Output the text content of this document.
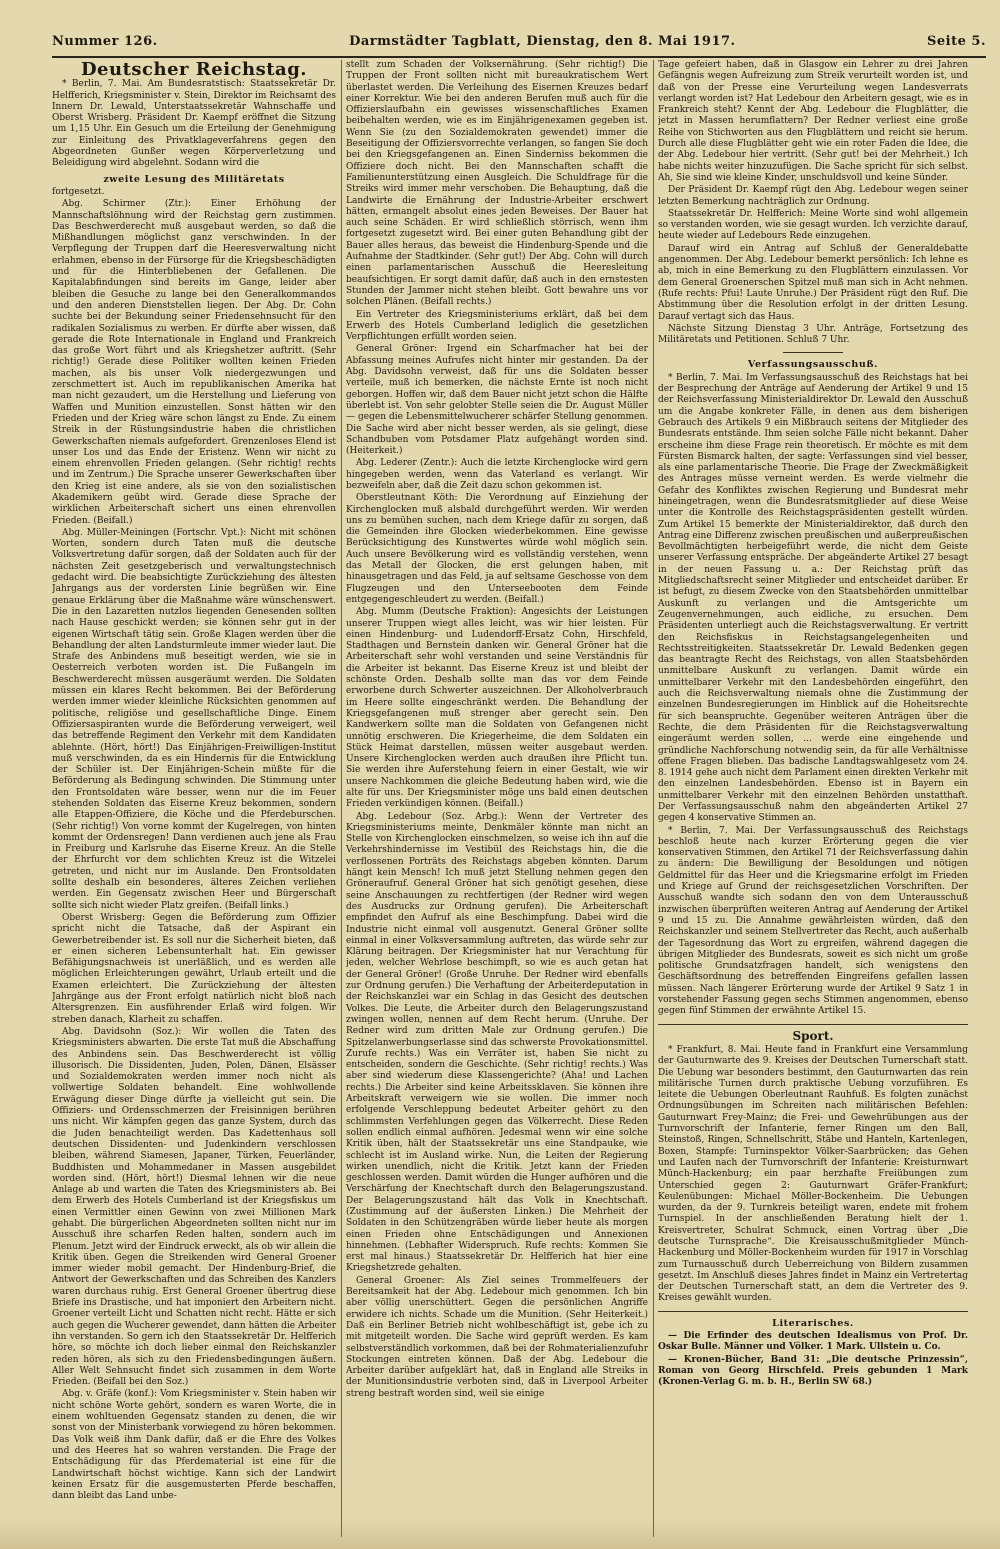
Nummer 126.	Darmstädter Tagblatt, Dienstag, den 8. Mai 1917.	Seite 5.
Deutscher Reichstag.

* Berlin, 7. Mai. Am Bundesratstisch: Staatssekretär Dr. Helfferich, Kriegsminister v. Stein, Direktor im Reichsamt des Innern Dr. Lewald, Unterstaatssekretär Wahnschaffe und Oberst Wrisberg. Präsident Dr. Kaempf eröffnet die Sitzung um 1,15 Uhr. Ein Gesuch um die Erteilung der Genehmigung zur Einleitung des Privatklageverfahrens gegen den Abgeordneten Gunßer wegen Körperverletzung und Beleidigung wird abgelehnt. Sodann wird die

zweite Lesung des Militäretats

fortgesetzt.

Abg. Schirmer (Ztr.): Einer Erhöhung der Mannschaftslöhnung wird der Reichstag gern zustimmen. Das Beschwerderecht muß ausgebaut werden, so daß die Mißhandlungen möglichst ganz verschwinden. In der Verpflegung der Truppen darf die Heeresverwaltung nicht erlahmen, ebenso in der Fürsorge für die Kriegsbeschädigten und für die Hinterbliebenen der Gefallenen. Die Kapitalabfindungen sind bereits im Gange, leider aber bleiben die Gesuche zu lange bei den Generalkommandos und den anderen Dienststellen liegen. Der Abg. Dr. Cohn suchte bei der Bekundung seiner Friedensehnsucht für den radikalen Sozialismus zu werben. Er dürfte aber wissen, daß gerade die Rote Internationale in England und Frankreich das große Wort führt und als Kriegshetzer auftritt. (Sehr richtig!) Gerade diese Politiker wollten keinen Frieden machen, als bis unser Volk niedergezwungen und zerschmettert ist. Auch im republikanischen Amerika hat man nicht gezaudert, um die Herstellung und Lieferung von Waffen und Munition einzustellen. Sonst hätten wir den Frieden und der Krieg wäre schon längst zu Ende. Zu einem Streik in der Rüstungsindustrie haben die christlichen Gewerkschaften niemals aufgefordert. Grenzenloses Elend ist unser Los und das Ende der Eristenz. Wenn wir nicht zu einem ehrenvollen Frieden gelangen. (Sehr richtig! rechts und im Zentrum.) Die Sprache unserer Gewerkschaften über den Krieg ist eine andere, als sie von den sozialistischen Akademikern geübt wird. Gerade diese Sprache der wirklichen Arbeiterschaft sichert uns einen ehrenvollen Frieden. (Beifall.)

Abg. Müller-Meiningen (Fortschr. Vpt.): Nicht mit schönen Worten, sondern durch Taten muß die deutsche Volksvertretung dafür sorgen, daß der Soldaten auch für der nächsten Zeit gesetzgeberisch und verwaltungstechnisch gedacht wird. Die beabsichtigte Zurückziehung des ältesten Jahrgangs aus der vordersten Linie begrüßen wir. Eine genaue Erklärung über die Maßnahme wäre wünschenswert. Die in den Lazaretten nutzlos liegenden Genesenden sollten nach Hause geschickt werden; sie können sehr gut in der eigenen Wirtschaft tätig sein. Große Klagen werden über die Behandlung der alten Landsturmleute immer wieder laut. Die Strafe des Anbindens muß beseitigt werden, wie sie in Oesterreich verboten worden ist. Die Fußangeln im Beschwerderecht müssen ausgeräumt werden. Die Soldaten müssen ein klares Recht bekommen. Bei der Beförderung werden immer wieder kleinliche Rücksichten genommen auf politische, religiöse und gesellschaftliche Dinge. Einem Offiziersaspiranten wurde die Beförderung verweigert, weil das betreffende Regiment den Verkehr mit dem Kandidaten ablehnte. (Hört, hört!) Das Einjährigen-Freiwilligen-Institut muß verschwinden, da es ein Hindernis für die Entwicklung der Schüler ist. Der Einjährigen-Schein müßte für die Beförderung als Bedingung schwinden. Die Stimmung unter den Frontsoldaten wäre besser, wenn nur die im Feuer stehenden Soldaten das Eiserne Kreuz bekommen, sondern alle Etappen-Offiziere, die Köche und die Pferdeburschen. (Sehr richtig!) Von vorne kommt der Kugelregen, von hinten kommt der Ordensregen! Dann verdienen auch jene als Frau in Freiburg und Karlsruhe das Eiserne Kreuz. An die Stelle der Ehrfurcht vor dem schlichten Kreuz ist die Witzelei getreten, und nicht nur im Auslande. Den Frontsoldaten sollte deshalb ein besonderes, älteres Zeichen verliehen werden. Ein Gegensatz zwischen Heer und Bürgerschaft sollte sich nicht wieder Platz greifen. (Beifall links.)

Oberst Wrisberg: Gegen die Beförderung zum Offizier spricht nicht die Tatsache, daß der Aspirant ein Gewerbetreibender ist. Es soll nur die Sicherheit bieten, daß er einen sicheren Lebensunterhalt hat. Ein gewisser Befähigungsnachweis ist unerläßlich, und es werden alle möglichen Erleichterungen gewährt, Urlaub erteilt und die Examen erleichtert. Die Zurückziehung der ältesten Jahrgänge aus der Front erfolgt natürlich nicht bloß nach Altersgrenzen. Ein ausführender Erlaß wird folgen. Wir streben danach, Klarheit zu schaffen.

Abg. Davidsohn (Soz.): Wir wollen die Taten des Kriegsministers abwarten. Die erste Tat muß die Abschaffung des Anbindens sein. Das Beschwerderecht ist völlig illusorisch. Die Dissidenten, Juden, Polen, Dänen, Elsässer und Sozialdemokraten werden immer noch nicht als vollwertige Soldaten behandelt. Eine wohlwollende Erwägung dieser Dinge dürfte ja vielleicht gut sein. Die Offiziers- und Ordensschmerzen der Freisinnigen berühren uns nicht. Wir kämpfen gegen das ganze System, durch das die Juden benachteiligt werden. Das Kadettenhaus soll deutschen Dissidenten- und Judenkindern verschlossen bleiben, während Siamesen, Japaner, Türken, Feuerländer, Buddhisten und Mohammedaner in Massen ausgebildet worden sind. (Hört, hört!) Diesmal lehnen wir die neue Anlage ab und warten die Taten des Kriegsministers ab. Bei dem Erwerb des Hotels Cumberland ist der Kriegsfiskus um einen Vermittler einen Gewinn von zwei Millionen Mark gehabt. Die bürgerlichen Abgeordneten sollten nicht nur im Ausschuß ihre scharfen Reden halten, sondern auch im Plenum. Jetzt wird der Eindruck erweckt, als ob wir allein die Kritik üben. Gegen die Streikenden wird General Groener immer wieder mobil gemacht. Der Hindenburg-Brief, die Antwort der Gewerkschaften und das Schreiben des Kanzlers waren durchaus ruhig. Erst General Groener übertrug diese Briefe ins Drastische, und hat imponiert den Arbeitern nicht. Groener verteilt Licht und Schatten nicht recht. Hätte er sich auch gegen die Wucherer gewendet, dann hätten die Arbeiter ihn verstanden. So gern ich den Staatssekretär Dr. Helfferich höre, so möchte ich doch lieber einmal den Reichskanzler reden hören, als sich zu den Friedensbedingungen äußern. Aller Welt Sehnsucht findet sich zusammen in dem Worte Frieden. (Beifall bei den Soz.)

Abg. v. Gräfe (konf.): Vom Kriegsminister v. Stein haben wir nicht schöne Worte gehört, sondern es waren Worte, die in einem wohltuenden Gegensatz standen zu denen, die wir sonst von der Ministerbank vorwiegend zu hören bekommen. Das Volk weiß ihm Dank dafür, daß er die Ehre des Volkes und des Heeres hat so wahren verstanden. Die Frage der Entschädigung für das Pferdematerial ist eine für die Landwirtschaft höchst wichtige. Kann sich der Landwirt keinen Ersatz für die ausgemusterten Pferde beschaffen, dann bleibt das Land unbe-

stellt zum Schaden der Volksernährung. (Sehr richtig!) Die Truppen der Front sollten nicht mit bureaukratischem Wert überlastet werden. Die Verleihung des Eisernen Kreuzes bedarf einer Korrektur. Wie bei den anderen Berufen muß auch für die Offizierslaufbahn ein gewisses wissenschaftliches Examen beibehalten werden, wie es im Einjährigenexamen gegeben ist. Wenn Sie (zu den Sozialdemokraten gewendet) immer die Beseitigung der Offiziersvorrechte verlangen, so fangen Sie doch bei den Kriegsgefangenen an. Einen Sinderniss bekommen die Offiziere doch nicht. Bei den Mannschaften schafft die Familienunterstützung einen Ausgleich. Die Schuldfrage für die Streiks wird immer mehr verschoben. Die Behauptung, daß die Landwirte die Ernährung der Industrie-Arbeiter erschwert hätten, ermangelt absolut eines jeden Beweises. Der Bauer hat auch seine Schäden. Er wird schließlich störrisch, wenn ihm fortgesetzt zugesetzt wird. Bei einer guten Behandlung gibt der Bauer alles heraus, das beweist die Hindenburg-Spende und die Aufnahme der Stadtkinder. (Sehr gut!) Der Abg. Cohn will durch einen parlamentarischen Ausschuß die Heeresleitung beaufsichtigen. Er sorgt damit dafür, daß auch in den ernstesten Stunden der Jammer nicht stehen bleibt. Gott bewahre uns vor solchen Plänen. (Beifall rechts.)

Ein Vertreter des Kriegsministeriums erklärt, daß bei dem Erwerb des Hotels Cumberland lediglich die gesetzlichen Verpflichtungen erfüllt worden seien.

General Gröner: Irgend ein Scharfmacher hat bei der Abfassung meines Aufrufes nicht hinter mir gestanden. Da der Abg. Davidsohn verweist, daß für uns die Soldaten besser verteile, muß ich bemerken, die nächste Ernte ist noch nicht geborgen. Hoffen wir, daß dem Bauer nicht jetzt schon die Hälfte überlebt ist. Von sehr gelobter Stelle seien die Dr. August Müller — gegen die Lebensmittelwucherer schärfer Stellung genommen. Die Sache wird aber nicht besser werden, als sie gelingt, diese Schandbuben vom Potsdamer Platz aufgehängt worden sind. (Heiterkeit.)

Abg. Lederer (Zentr.): Auch die letzte Kirchenglocke wird gern hingegeben werden, wenn das Vaterland es verlangt. Wir bezweifeln aber, daß die Zeit dazu schon gekommen ist.

Oberstleutnant Köth: Die Verordnung auf Einziehung der Kirchenglocken muß alsbald durchgeführt werden. Wir werden uns zu bemühen suchen, nach dem Kriege dafür zu sorgen, daß die Gemeinden ihre Glocken wiederbekommen. Eine gewisse Berücksichtigung des Kunstwertes würde wohl möglich sein. Auch unsere Bevölkerung wird es vollständig verstehen, wenn das Metall der Glocken, die erst gelungen haben, mit hinausgetragen und das Feld, ja auf seltsame Geschosse von dem Flugzeugen und den Unterseebooten dem Feinde entgegengeschleudert zu werden. (Beifall.)

Abg. Mumm (Deutsche Fraktion): Angesichts der Leistungen unserer Truppen wiegt alles leicht, was wir hier leisten. Für einen Hindenburg- und Ludendorff-Ersatz Cohn, Hirschfeld, Stadthagen und Bernstein danken wir. General Gröner hat die Arbeiterschaft sehr wohl verstanden und seine Verständnis für die Arbeiter ist bekannt. Das Eiserne Kreuz ist und bleibt der schönste Orden. Deshalb sollte man das vor dem Feinde erworbene durch Schwerter auszeichnen. Der Alkoholverbrauch im Heere sollte eingeschränkt werden. Die Behandlung der Kriegsgefangenen muß strenger aber gerecht sein. Den Kandwerkern sollte man die Soldaten von Gefangenen nicht unnötig erschweren. Die Kriegerheime, die dem Soldaten ein Stück Heimat darstellen, müssen weiter ausgebaut werden. Unsere Kirchenglocken werden auch draußen ihre Pflicht tun. Sie werden ihre Auferstehung feiern in einer Gestalt, wie wir unsere Nachkommen die gleiche Bedeutung haben wird, wie die alte für uns. Der Kriegsminister möge uns bald einen deutschen Frieden verkündigen können. (Beifall.)

Abg. Ledebour (Soz. Arbg.): Wenn der Vertreter des Kriegsministeriums meinte, Denkmäler könnte man nicht an Stelle von Kirchenglocken einschmelzen, so weise ich ihn auf die Verkehrshindernisse im Vestibül des Reichstags hin, die die verflossenen Porträts des Reichstags abgeben könnten. Darum hängt kein Mensch! Ich muß jetzt Stellung nehmen gegen den Gröneraufruf. General Gröner hat sich genötigt gesehen, diese seine Anschauungen zu rechtfertigen (der Redner wird wegen des Ausdrucks zur Ordnung gerufen). Die Arbeiterschaft empfindet den Aufruf als eine Beschimpfung. Dabei wird die Industrie nicht einmal voll ausgenutzt. General Gröner sollte einmal in einer Volksversammlung auftreten, das würde sehr zur Klärung beitragen. Der Kriegsminister hat nur Verachtung für jeden, welcher Wehrlose beschimpft, so wie es auch getan hat der General Gröner! (Große Unruhe. Der Redner wird ebenfalls zur Ordnung gerufen.) Die Verhaftung der Arbeiterdeputation in der Reichskanzlei war ein Schlag in das Gesicht des deutschen Volkes. Die Leute, die Arbeiter durch den Belagerungszustand zwingen wollen, nennen auf dem Recht herum. (Unruhe. Der Redner wird zum dritten Male zur Ordnung gerufen.) Die Spitzelanwerbungserlasse sind das schwerste Provokationsmittel. Zurufe rechts.) Was ein Verräter ist, haben Sie nicht zu entscheiden, sondern die Geschichte. (Sehr richtig! rechts.) Was aber sind wiederum diese Klassengerichte? (Aha! und Lachen rechts.) Die Arbeiter sind keine Arbeitssklaven. Sie können ihre Arbeitskraft verweigern wie sie wollen. Die immer noch erfolgende Verschleppung bedeutet Arbeiter gehört zu den schlimmsten Verfehlungen gegen das Völkerrecht. Diese Reden sollen endlich einmal aufhören. Jedesmal wenn wir eine solche Kritik üben, hält der Staatssekretär uns eine Standpauke, wie schlecht ist im Ausland wirke. Nun, die Leiten der Regierung wirken unendlich, nicht die Kritik. Jetzt kann der Frieden geschlossen werden. Damit würden die Hunger aufhören und die Verschärfung der Knechtschaft durch den Belagerungszustand. Der Belagerungszustand hält das Volk in Knechtschaft. (Zustimmung auf der äußersten Linken.) Die Mehrheit der Soldaten in den Schützengräben würde lieber heute als morgen einen Frieden ohne Entschädigungen und Annexionen hinnehmen. (Lebhafter Widerspruch. Rufe rechts: Kommen Sie erst mal hinaus.) Staatssekretär Dr. Helfferich hat hier eine Kriegshetzrede gehalten.

General Groener: Als Ziel seines Trommelfeuers der Bereitsamkeit hat der Abg. Ledebour mich genommen. Ich bin aber völlig unerschüttert. Gegen die persönlichen Angriffe erwidere ich nichts. Schade um die Munition. (Sehr Heiterkeit.) Daß ein Berliner Betrieb nicht wohlbeschäftigt ist, gebe ich zu mit mitgeteilt worden. Die Sache wird geprüft werden. Es kam selbstverständlich vorkommen, daß bei der Rohmaterialienzufuhr Stockungen eintreten können. Daß der Abg. Ledebour die Arbeiter darüber aufgeklärt hat, daß in England alle Streiks in der Munitionsindustrie verboten sind, daß in Liverpool Arbeiter streng bestraft worden sind, weil sie einige

Tage gefeiert haben, daß in Glasgow ein Lehrer zu drei Jahren Gefängnis wegen Aufreizung zum Streik verurteilt worden ist, und daß von der Presse eine Verurteilung wegen Landesverrats verlangt worden ist? Hat Ledebour den Arbeitern gesagt, wie es in Frankreich steht? Kennt der Abg. Ledebour die Flugblätter, die jetzt in Massen herumflattern? Der Redner verliest eine große Reihe von Stichworten aus den Flugblättern und reicht sie herum. Durch alle diese Flugblätter geht wie ein roter Faden die Idee, die der Abg. Ledebour hier vertritt. (Sehr gut! bei der Mehrheit.) Ich habe nichts weiter hinzuzufügen. Die Sache spricht für sich selbst. Ah, Sie sind wie kleine Kinder, unschuldsvoll und keine Sünder.

Der Präsident Dr. Kaempf rügt den Abg. Ledebour wegen seiner letzten Bemerkung nachträglich zur Ordnung.

Staatssekretär Dr. Helfferich: Meine Worte sind wohl allgemein so verstanden worden, wie sie gesagt wurden. Ich verzichte darauf, heute wieder auf Ledebours Rede einzugehen.

Darauf wird ein Antrag auf Schluß der Generaldebatte angenommen. Der Abg. Ledebour bemerkt persönlich: Ich lehne es ab, mich in eine Bemerkung zu den Flugblättern einzulassen. Vor dem General Groenerschen Spitzel muß man sich in Acht nehmen. (Rufe rechts: Pfui! Laute Unruhe.) Der Präsident rügt den Ruf. Die Abstimmung über die Resolution erfolgt in der dritten Lesung. Darauf vertagt sich das Haus.

Nächste Sitzung Dienstag 3 Uhr. Anträge, Fortsetzung des Militäretats und Petitionen. Schluß 7 Uhr.

Verfassungsausschuß.

* Berlin, 7. Mai. Im Verfassungsausschuß des Reichstags hat bei der Besprechung der Anträge auf Aenderung der Artikel 9 und 15 der Reichsverfassung Ministerialdirektor Dr. Lewald den Ausschuß um die Angabe konkreter Fälle, in denen aus dem bisherigen Gebrauch des Artikels 9 ein Mißbrauch seitens der Mitglieder des Bundesrats entstände. Ihm seien solche Fälle nicht bekannt. Daher erscheine ihm diese Frage rein theoretisch. Er möchte es mit dem Fürsten Bismarck halten, der sagte: Verfassungen sind viel besser, als eine parlamentarische Theorie. Die Frage der Zweckmäßigkeit des Antrages müsse verneint werden. Es werde vielmehr die Gefahr des Konfliktes zwischen Regierung und Bundesrat mehr hineingetragen, wenn die Bundesratsmitglieder auf diese Weise unter die Kontrolle des Reichstagspräsidenten gestellt würden. Zum Artikel 15 bemerkte der Ministerialdirektor, daß durch den Antrag eine Differenz zwischen preußischen und außerpreußischen Bevollmächtigten herbeigeführt werde, die nicht dem Geiste unserer Verfassung entspräche. Der abgeänderte Artikel 27 besagt in der neuen Fassung u. a.: Der Reichstag prüft das Mitgliedschaftsrecht seiner Mitglieder und entscheidet darüber. Er ist befugt, zu diesem Zwecke von den Staatsbehörden unmittelbar Auskunft zu verlangen und die Amtsgerichte um Zeugenvernehmungen, auch eidliche, zu ersuchen. Dem Präsidenten unterliegt auch die Reichstagsverwaltung. Er vertritt den Reichsfiskus in Reichstagsangelegenheiten und Rechtsstreitigkeiten. Staatssekretär Dr. Lewald Bedenken gegen das beantragte Recht des Reichstags, von allen Staatsbehörden unmittelbare Auskunft zu verlangen. Damit würde ein unmittelbarer Verkehr mit den Landesbehörden eingeführt, den auch die Reichsverwaltung niemals ohne die Zustimmung der einzelnen Bundesregierungen im Hinblick auf die Hoheitsrechte für sich beanspruchte. Gegenüber weiteren Anträgen über die Rechte, die dem Präsidenten für die Reichstagsverwaltung eingeräumt werden sollen, ... werde eine eingehende und gründliche Nachforschung notwendig sein, da für alle Verhältnisse offene Fragen blieben. Das badische Landtagswahlgesetz vom 24. 8. 1914 gehe auch nicht dem Parlament einen direkten Verkehr mit den einzelnen Landesbehörden. Ebenso ist in Bayern ein unmittelbarer Verkehr mit den einzelnen Behörden unstatthaft. Der Verfassungsausschuß nahm den abgeänderten Artikel 27 gegen 4 konservative Stimmen an.

* Berlin, 7. Mai. Der Verfassungsausschuß des Reichstags beschloß heute nach kurzer Erörterung gegen die vier konservativen Stimmen, den Artikel 71 der Reichsverfassung dahin zu ändern: Die Bewilligung der Besoldungen und nötigen Geldmittel für das Heer und die Kriegsmarine erfolgt im Frieden und Kriege auf Grund der reichsgesetzlichen Vorschriften. Der Ausschuß wandte sich sodann den von dem Unterausschuß inzwischen überprüften weiteren Antrag auf Aenderung der Artikel 9 und 15 zu. Die Annahme gewährleisten würden, daß den Reichskanzler und seinem Stellvertreter das Recht, auch außerhalb der Tagesordnung das Wort zu ergreifen, während dagegen die übrigen Mitglieder des Bundesrats, soweit es sich nicht um große politische Grundsatzfragen handelt, sich wenigstens den Geschäftsordnung des betreffenden Eingreifens gefallen lassen müssen. Nach längerer Erörterung wurde der Artikel 9 Satz 1 in vorstehender Fassung gegen sechs Stimmen angenommen, ebenso gegen fünf Stimmen der erwähnte Artikel 15.

Sport.

* Frankfurt, 8. Mai. Heute fand in Frankfurt eine Versammlung der Gauturnwarte des 9. Kreises der Deutschen Turnerschaft statt. Die Uebung war besonders bestimmt, den Gauturnwarten das rein militärische Turnen durch praktische Uebung vorzuführen. Es leitete die Uebungen Oberleutnant Rauhfuß. Es folgten zunächst Ordnungsübungen im Schreiten nach militärischen Befehlen: Gauturnwart Frey-Mainz; die Frei- und Gewehrübungen aus der Turnvorschrift der Infanterie, ferner Ringen um den Ball, Steinstoß, Ringen, Schnellschritt, Stäbe und Hanteln, Kartenlegen, Boxen, Stampfe: Turninspektor Völker-Saarbrücken; das Gehen und Laufen nach der Turnvorschrift der Infanterie: Kreisturnwart Münch-Hackenburg; ein paar herzhafte Freiübungen zum Unterschied gegen 2: Gauturnwart Gräfer-Frankfurt; Keulenübungen: Michael Möller-Bockenheim. Die Uebungen wurden, da der 9. Turnkreis beteiligt waren, endete mit frohem Turnspiel. In der anschließenden Beratung hielt der 1. Kreisvertreter, Schulrat Schmuck, einen Vortrag über „Die deutsche Turnsprache“. Die Kreisausschußmitglieder Münch-Hackenburg und Möller-Bockenheim wurden für 1917 in Vorschlag zum Turnausschuß durch Ueberreichung von Bildern zusammen gesetzt. Im Anschluß dieses Jahres findet in Mainz ein Vertretertag der Deutschen Turnerschaft statt, an dem die Vertreter des 9. Kreises gewählt wurden.

Literarisches.

— Die Erfinder des deutschen Idealismus von Prof. Dr. Oskar Bulle. Männer und Völker. 1 Mark. Ullstein u. Co.

— Kronen-Bücher, Band 31: „Die deutsche Prinzessin“, Roman von Georg Hirschfeld. Preis gebunden 1 Mark (Kronen-Verlag G. m. b. H., Berlin SW 68.)
